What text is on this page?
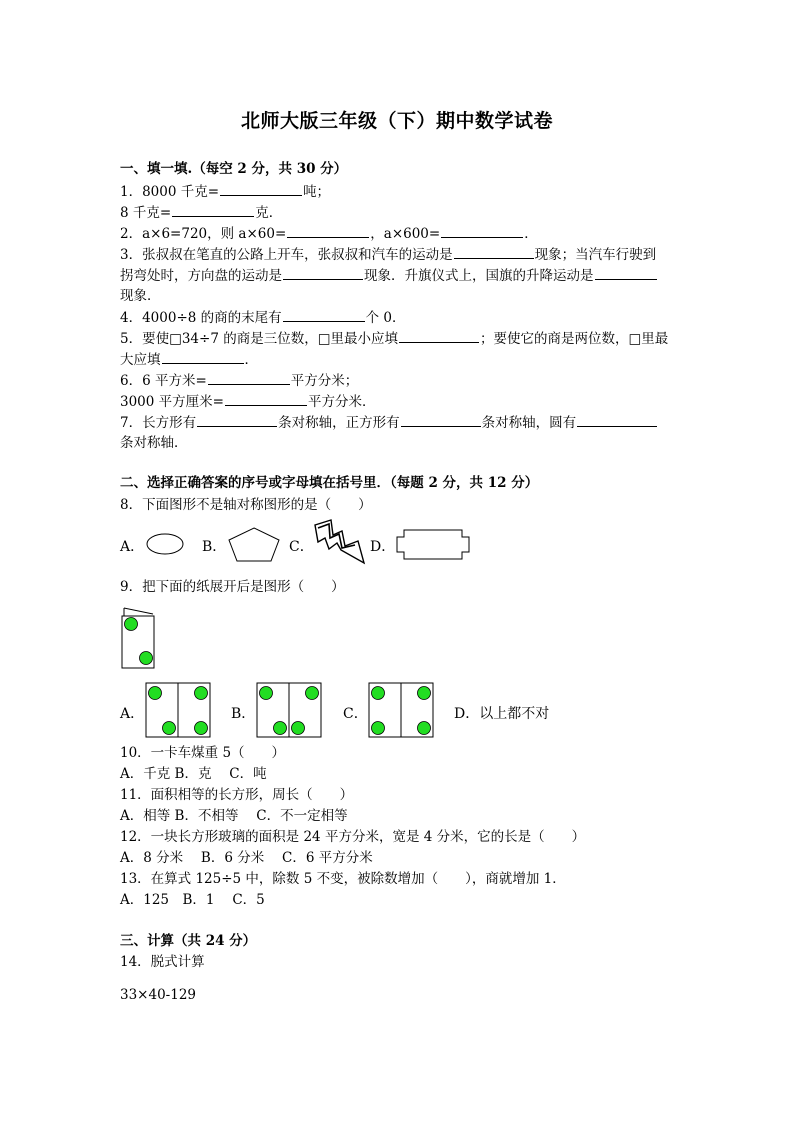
北师大版三年级（下）期中数学试卷
一、填一填.（每空 2 分，共 30 分）
1．8000 千克=	吨；
8 千克=	克．
2．a×6=720，则 a×60=	，a×600=	．
3．张叔叔在笔直的公路上开车，张叔叔和汽车的运动是	现象；当汽车行驶到
拐弯处时，方向盘的运动是	现象．升旗仪式上，国旗的升降运动是
现象．
4．4000÷8 的商的末尾有	个 0．
5．要使□34÷7 的商是三位数，□里最小应填	；要使它的商是两位数，□里最
大应填	．
6．6 平方米=	平方分米；
3000 平方厘米=	平方分米．
7．长方形有	条对称轴，正方形有	条对称轴，圆有
条对称轴．
二、选择正确答案的序号或字母填在括号里．（每题 2 分，共 12 分）
8．下面图形不是轴对称图形的是（　　）
A．	B．	C．	D．
9．把下面的纸展开后是图形（　　）
A．	B．	C．	D．以上都不对
10．一卡车煤重 5（　　）
A．千克 B．克　 C．吨
11．面积相等的长方形，周长（　　）
A．相等 B．不相等　 C．不一定相等
12．一块长方形玻璃的面积是 24 平方分米，宽是 4 分米，它的长是（　　）
A．8 分米　 B．6 分米　 C．6 平方分米
13．在算式 125÷5 中，除数 5 不变，被除数增加（　　），商就增加 1．
A．125　B．1　 C．5
三、计算（共 24 分）
14．脱式计算
33×40-129
